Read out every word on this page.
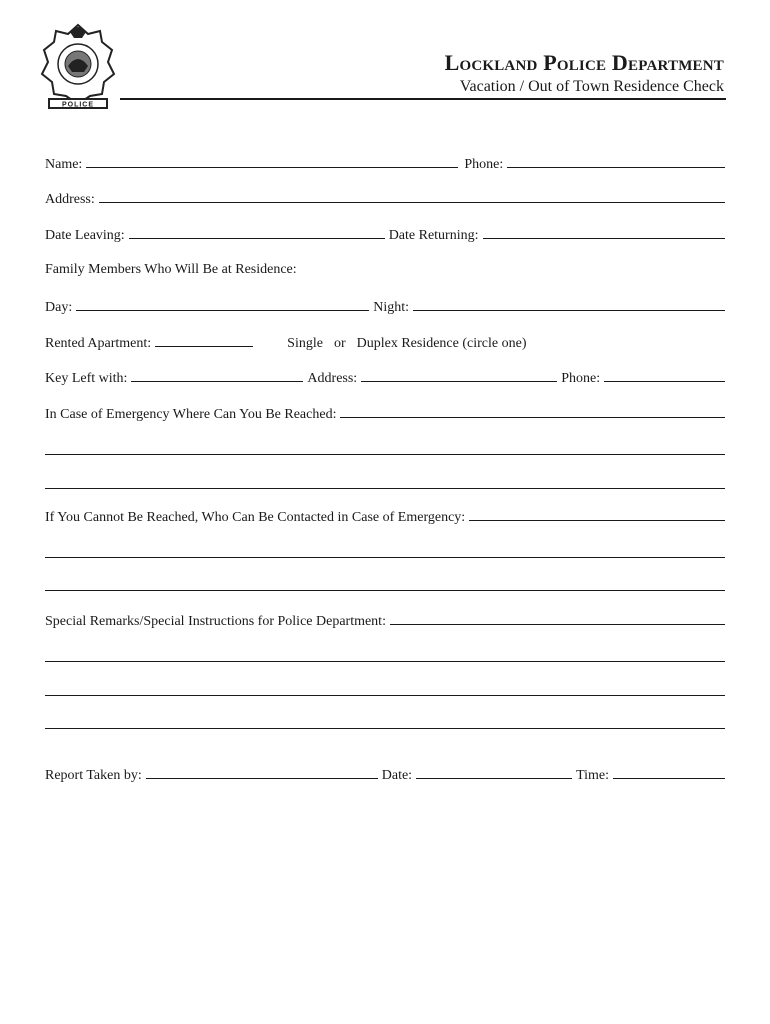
POLICE
Lockland Police Department
Vacation / Out of Town Residence Check
Name:	Phone:
Address:
Date Leaving:	Date Returning:
Family Members Who Will Be at Residence:
Day:	Night:
Rented Apartment:	Single or Duplex Residence (circle one)
Key Left with:	Address:	Phone:
In Case of Emergency Where Can You Be Reached:
If You Cannot Be Reached, Who Can Be Contacted in Case of Emergency:
Special Remarks/Special Instructions for Police Department:
Report Taken by:	Date:	Time:
